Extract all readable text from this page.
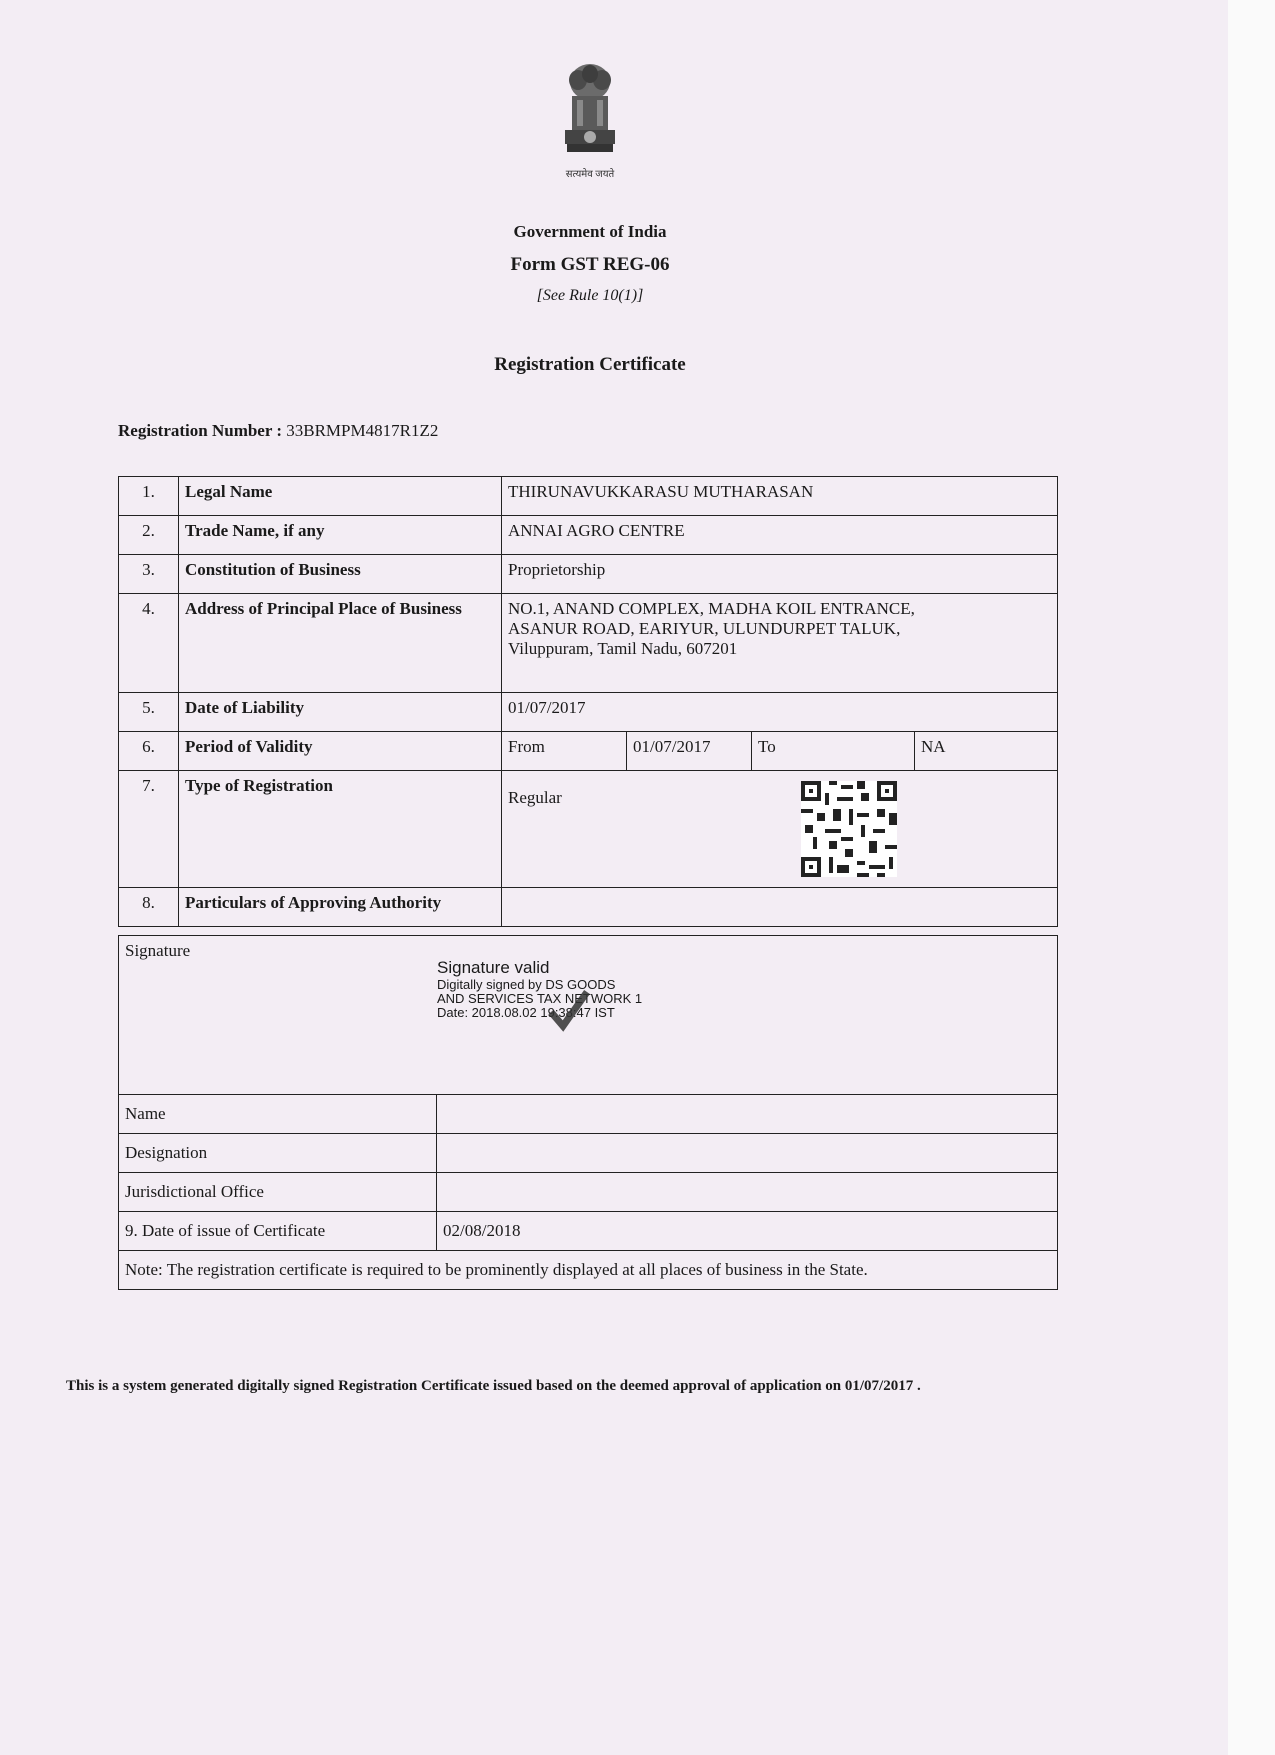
सत्यमेव जयते
Government of India
Form GST REG-06
[See Rule 10(1)]
Registration Certificate
Registration Number : 33BRMPM4817R1Z2
1.	Legal Name	THIRUNAVUKKARASU MUTHARASAN
2.	Trade Name, if any	ANNAI AGRO CENTRE
3.	Constitution of Business	Proprietorship
4.	Address of Principal Place of Business	NO.1, ANAND COMPLEX, MADHA KOIL ENTRANCE,
ASANUR ROAD, EARIYUR, ULUNDURPET TALUK,
Viluppuram, Tamil Nadu, 607201

5.	Date of Liability	01/07/2017
6.	Period of Validity		From	01/07/2017	To	NA

7.	Type of Registration	
Regular

8.	Particulars of Approving Authority	
Signature
Signature valid
Digitally signed by DS GOODS
AND SERVICES TAX NETWORK 1
Date: 2018.08.02 19:38:47 IST	

Name	
Designation	
Jurisdictional Office	
9. Date of issue of Certificate	02/08/2018
Note: The registration certificate is required to be prominently displayed at all places of business in the State.	
This is a system generated digitally signed Registration Certificate issued based on the deemed approval of application on 01/07/2017 .
